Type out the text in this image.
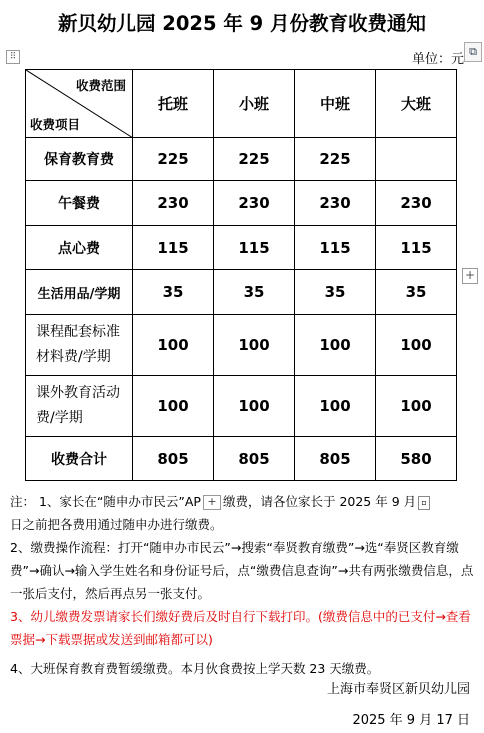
新贝幼儿园 2025 年 9 月份教育收费通知
⠿	⧉
单位：元
收费范围
收费项目	托班	小班	中班	大班
保育教育费	225	225	225	
午餐费	230	230	230	230
点心费	115	115	115	115
生活用品/学期	35	35	35	35
课程配套标准材料费/学期	100	100	100	100
课外教育活动费/学期	100	100	100	100
收费合计	805	805	805	580
+

注： 1、家长在“随申办市民云”AP + 缴费，请各位家长于 2025 年 9 月 ▫

日之前把各费用通过随申办进行缴费。

2、缴费操作流程：打开“随申办市民云”→搜索“奉贤教育缴费”→选“奉贤区教育缴费”→确认→输入学生姓名和身份证号后，点“缴费信息查询”→共有两张缴费信息，点一张后支付，然后再点另一张支付。

3、幼儿缴费发票请家长们缴好费后及时自行下载打印。(缴费信息中的已支付→查看票据→下载票据或发送到邮箱都可以)

4、大班保育教育费暂缓缴费。本月伙食费按上学天数 23 天缴费。

上海市奉贤区新贝幼儿园
2025 年 9 月 17 日
